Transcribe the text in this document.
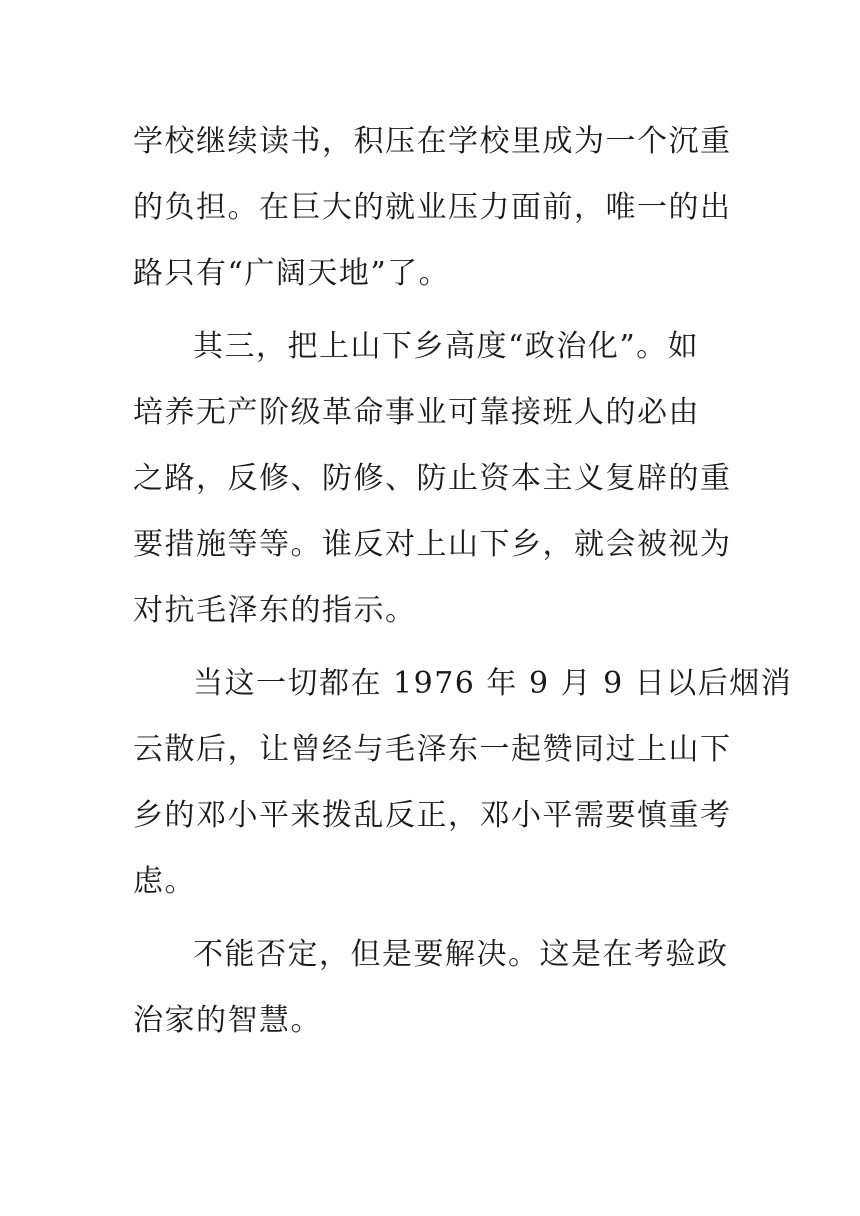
学校继续读书，积压在学校里成为一个沉重
的负担。在巨大的就业压力面前，唯一的出
路只有“广阔天地”了。

其三，把上山下乡高度“政治化”。如
培养无产阶级革命事业可靠接班人的必由
之路，反修、防修、防止资本主义复辟的重
要措施等等。谁反对上山下乡，就会被视为
对抗毛泽东的指示。

当这一切都在 1976 年 9 月 9 日以后烟消
云散后，让曾经与毛泽东一起赞同过上山下
乡的邓小平来拨乱反正，邓小平需要慎重考
虑。

不能否定，但是要解决。这是在考验政
治家的智慧。
